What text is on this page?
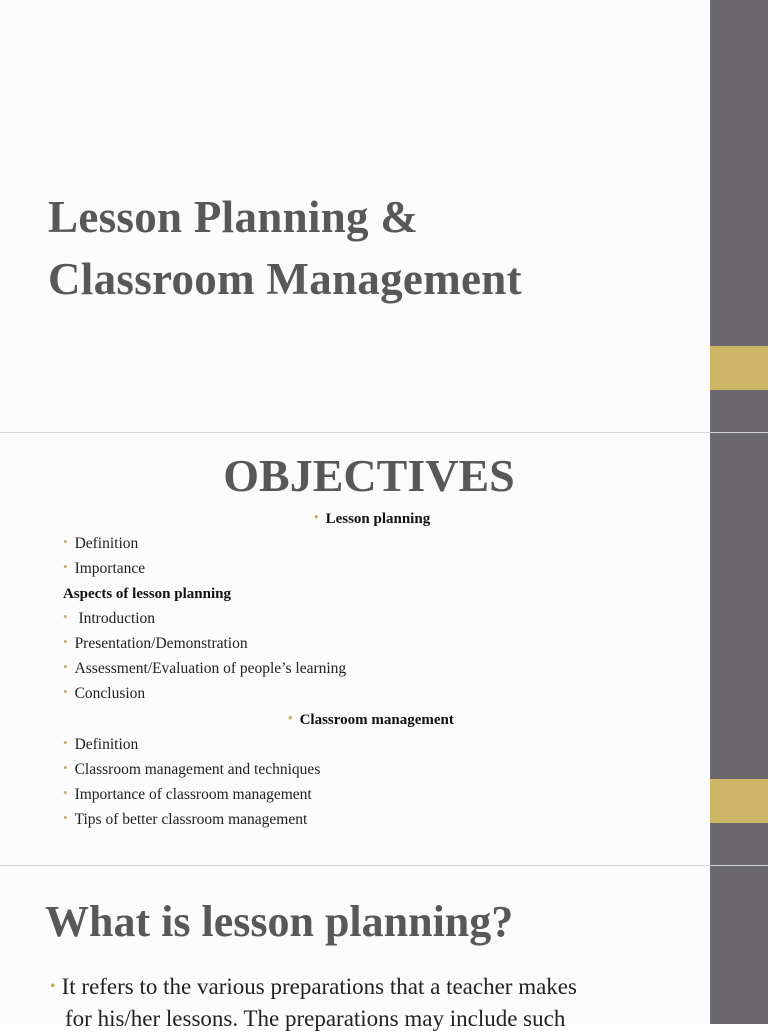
Lesson Planning &
Classroom Management
OBJECTIVES
• Lesson planning
• Definition
• Importance
Aspects of lesson planning
• Introduction
• Presentation/Demonstration
• Assessment/Evaluation of people’s learning
• Conclusion
• Classroom management
• Definition
• Classroom management and techniques
• Importance of classroom management
• Tips of better classroom management
What is lesson planning?

• It refers to the various preparations that a teacher makes
for his/her lessons. The preparations may include such
